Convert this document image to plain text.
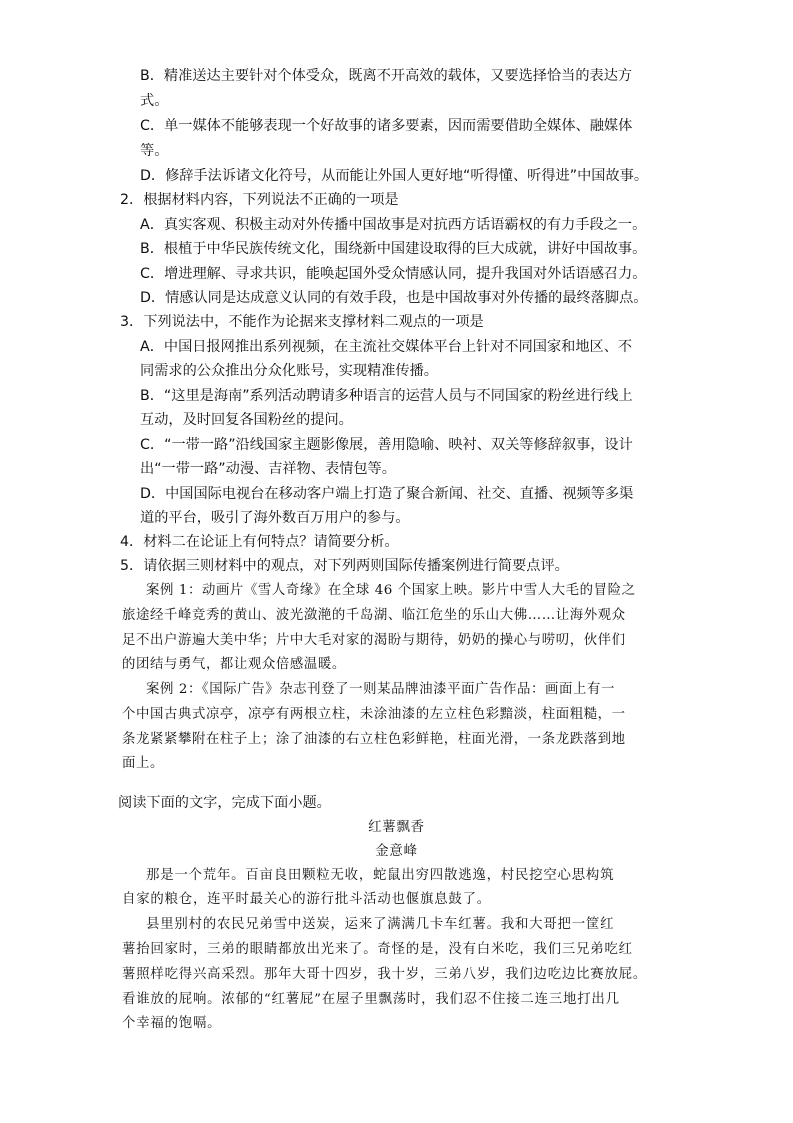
B．精准送达主要针对个体受众，既离不开高效的载体，又要选择恰当的表达方
式。
C．单一媒体不能够表现一个好故事的诸多要素，因而需要借助全媒体、融媒体
等。
D．修辞手法诉诸文化符号，从而能让外国人更好地“听得懂、听得进”中国故事。
2．根据材料内容，下列说法不正确的一项是
A．真实客观、积极主动对外传播中国故事是对抗西方话语霸权的有力手段之一。
B．根植于中华民族传统文化，围绕新中国建设取得的巨大成就，讲好中国故事。
C．增进理解、寻求共识，能唤起国外受众情感认同，提升我国对外话语感召力。
D．情感认同是达成意义认同的有效手段，也是中国故事对外传播的最终落脚点。
3．下列说法中，不能作为论据来支撑材料二观点的一项是
A．中国日报网推出系列视频，在主流社交媒体平台上针对不同国家和地区、不
同需求的公众推出分众化账号，实现精准传播。
B．“这里是海南”系列活动聘请多种语言的运营人员与不同国家的粉丝进行线上
互动，及时回复各国粉丝的提问。
C．“一带一路”沿线国家主题影像展，善用隐喻、映衬、双关等修辞叙事，设计
出“一带一路”动漫、吉祥物、表情包等。
D．中国国际电视台在移动客户端上打造了聚合新闻、社交、直播、视频等多渠
道的平台，吸引了海外数百万用户的参与。
4．材料二在论证上有何特点？请简要分析。
5．请依据三则材料中的观点，对下列两则国际传播案例进行简要点评。
案例 1：动画片《雪人奇缘》在全球 46 个国家上映。影片中雪人大毛的冒险之
旅途经千峰竞秀的黄山、波光潋滟的千岛湖、临江危坐的乐山大佛……让海外观众
足不出户游遍大美中华；片中大毛对家的渴盼与期待，奶奶的操心与唠叨，伙伴们
的团结与勇气，都让观众倍感温暖。
案例 2：《国际广告》杂志刊登了一则某品牌油漆平面广告作品：画面上有一
个中国古典式凉亭，凉亭有两根立柱，未涂油漆的左立柱色彩黯淡，柱面粗糙，一
条龙紧紧攀附在柱子上；涂了油漆的右立柱色彩鲜艳，柱面光滑，一条龙跌落到地
面上。
阅读下面的文字，完成下面小题。
红薯飘香
金意峰
那是一个荒年。百亩良田颗粒无收，蛇鼠出穷四散逃逸，村民挖空心思构筑
自家的粮仓，连平时最关心的游行批斗活动也偃旗息鼓了。
县里别村的农民兄弟雪中送炭，运来了满满几卡车红薯。我和大哥把一筐红
薯抬回家时，三弟的眼睛都放出光来了。奇怪的是，没有白米吃，我们三兄弟吃红
薯照样吃得兴高采烈。那年大哥十四岁，我十岁，三弟八岁，我们边吃边比赛放屁。
看谁放的屁响。浓郁的“红薯屁”在屋子里飘荡时，我们忍不住接二连三地打出几
个幸福的饱嗝。
